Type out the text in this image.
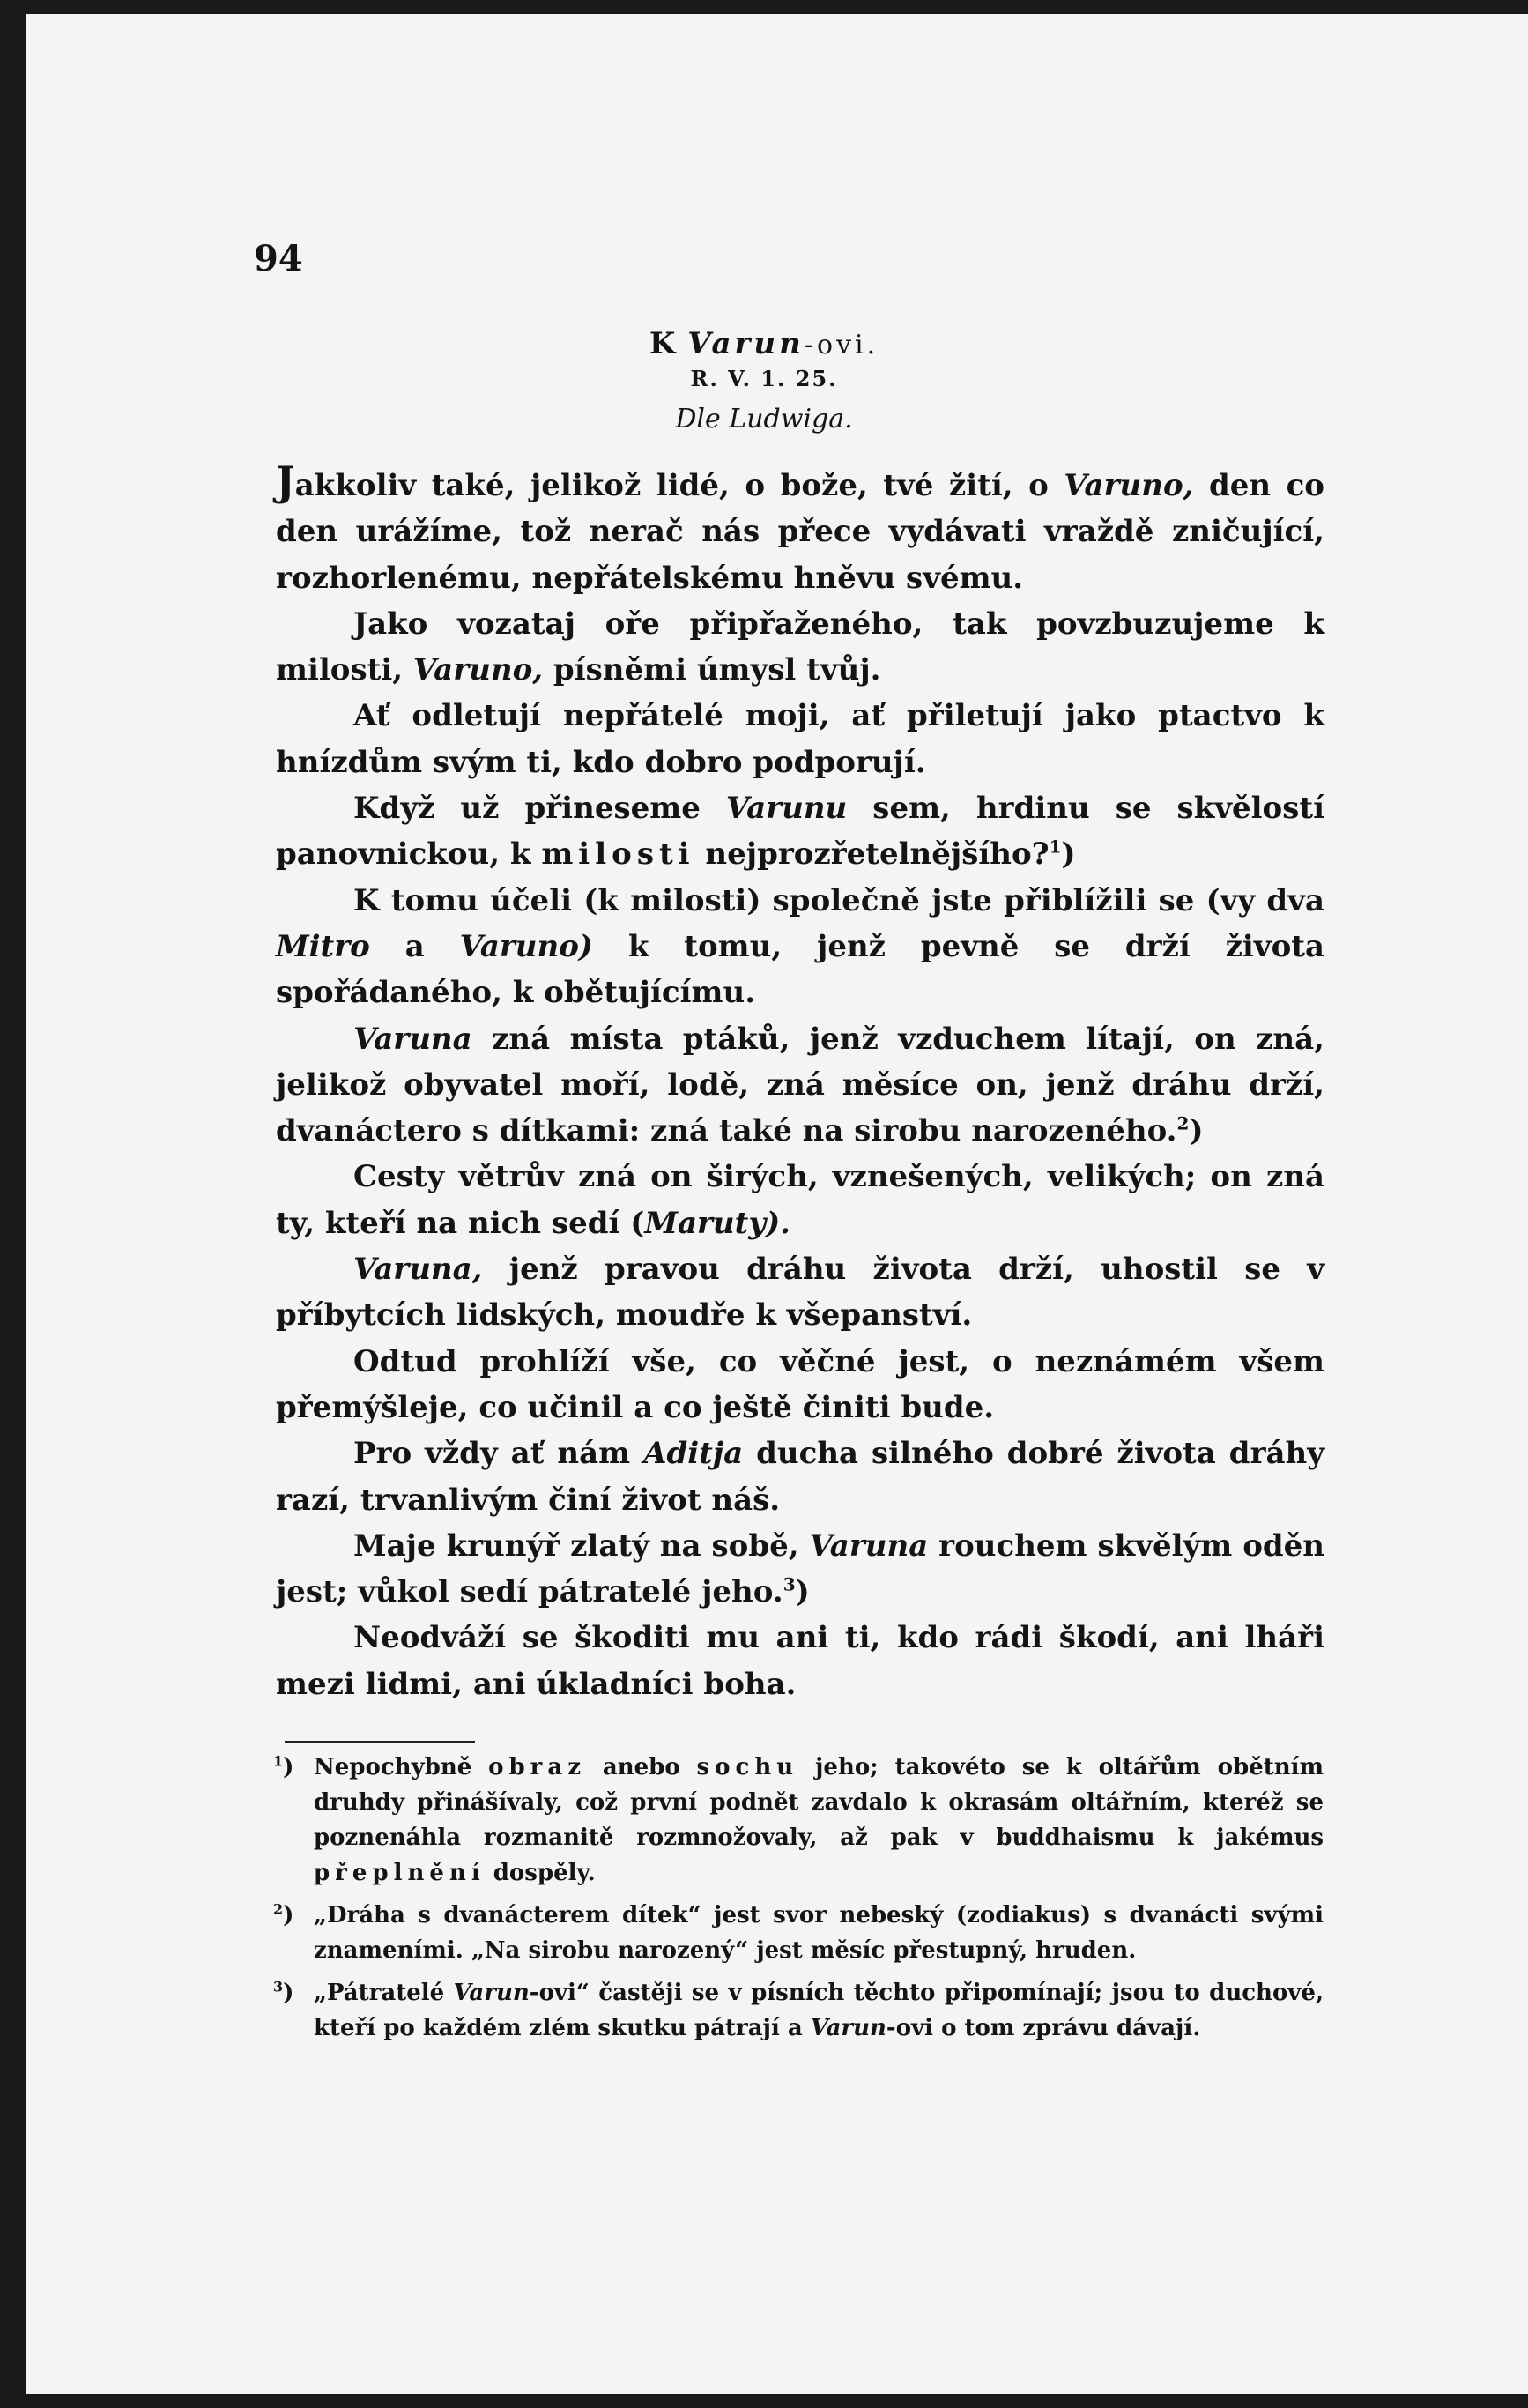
94
K Varun-ovi.
R. V. 1. 25.
Dle Ludwiga.

Jakkoliv také, jelikož lidé, o bože, tvé žití, o Varuno, den co den urážíme, tož nerač nás přece vydávati vraždě zničující, rozhorlenému, nepřátelskému hněvu svému.

Jako vozataj oře připřaženého, tak povzbuzujeme k milosti, Varuno, písněmi úmysl tvůj.

Ať odletují nepřátelé moji, ať přiletují jako ptactvo k hnízdům svým ti, kdo dobro podporují.

Když už přineseme Varunu sem, hrdinu se skvělostí panovnickou, k milosti nejprozřetelnějšího?$^1$)

K tomu účeli (k milosti) společně jste přiblížili se (vy dva Mitro a Varuno) k tomu, jenž pevně se drží života spořádaného, k obětujícímu.

Varuna zná místa ptáků, jenž vzduchem lítají, on zná, jelikož obyvatel moří, lodě, zná měsíce on, jenž dráhu drží, dvanáctero s dítkami: zná také na sirobu narozeného.$^2$)

Cesty větrův zná on širých, vznešených, velikých; on zná ty, kteří na nich sedí (Maruty).

Varuna, jenž pravou dráhu života drží, uhostil se v příbytcích lidských, moudře k všepanství.

Odtud prohlíží vše, co věčné jest, o neznámém všem přemýšleje, co učinil a co ještě činiti bude.

Pro vždy ať nám Aditja ducha silného dobré života dráhy razí, trvanlivým činí život náš.

Maje krunýř zlatý na sobě, Varuna rouchem skvělým oděn jest; vůkol sedí pátratelé jeho.$^3$)

Neodváží se škoditi mu ani ti, kdo rádi škodí, ani lháři mezi lidmi, ani úkladníci boha.

$^1$) Nepochybně obraz anebo sochu jeho; takovéto se k oltářům obětním druhdy přinášívaly, což první podnět zavdalo k okrasám oltářním, kteréž se poznenáhla rozmanitě rozmnožovaly, až pak v buddhaismu k jakémus přeplnění dospěly.
$^2$) „Dráha s dvanácterem dítek“ jest svor nebeský (zodiakus) s dvanácti svými znameními. „Na sirobu narozený“ jest měsíc přestupný, hruden.
$^3$) „Pátratelé Varun-ovi“ častěji se v písních těchto připomínají; jsou to duchové, kteří po každém zlém skutku pátrají a Varun-ovi o tom zprávu dávají.
